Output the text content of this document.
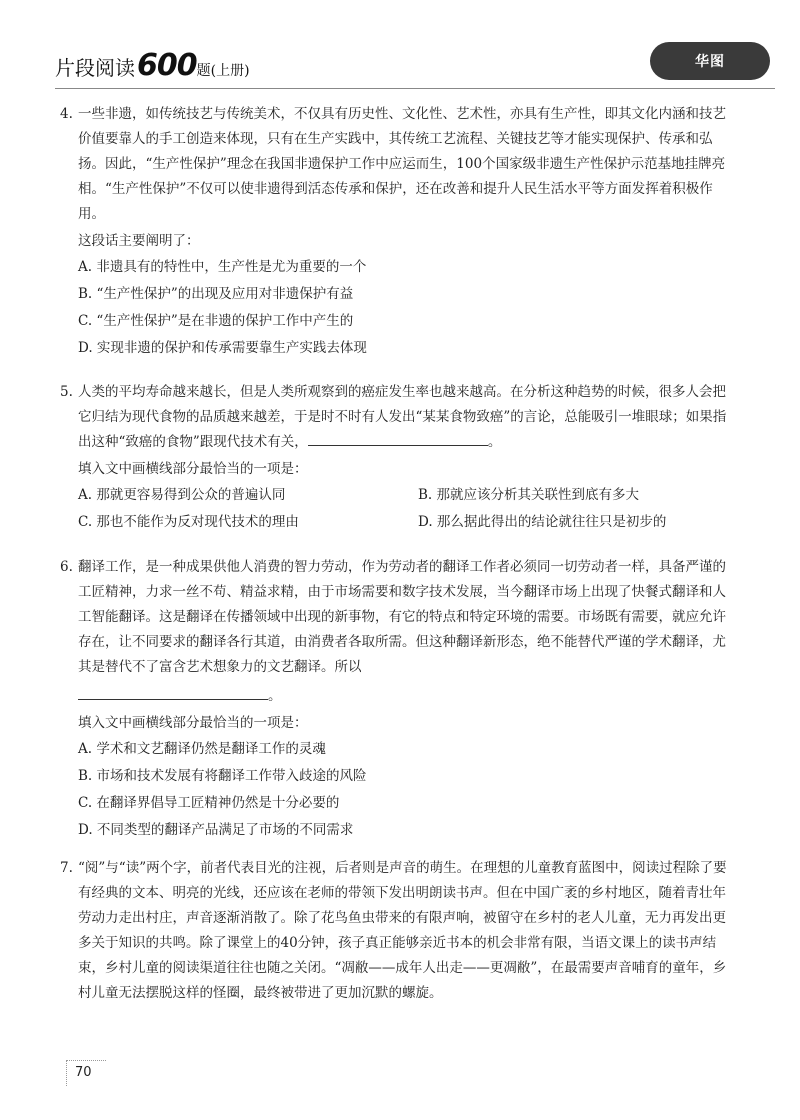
片段阅读600题(上册)
华图
4. 一些非遗，如传统技艺与传统美术，不仅具有历史性、文化性、艺术性，亦具有生产性，即其文化内涵和技艺价值要靠人的手工创造来体现，只有在生产实践中，其传统工艺流程、关键技艺等才能实现保护、传承和弘扬。因此，“生产性保护”理念在我国非遗保护工作中应运而生，100个国家级非遗生产性保护示范基地挂牌亮相。“生产性保护”不仅可以使非遗得到活态传承和保护，还在改善和提升人民生活水平等方面发挥着积极作用。

这段话主要阐明了：

A. 非遗具有的特性中，生产性是尤为重要的一个
B. “生产性保护”的出现及应用对非遗保护有益
C. “生产性保护”是在非遗的保护工作中产生的
D. 实现非遗的保护和传承需要靠生产实践去体现
5. 人类的平均寿命越来越长，但是人类所观察到的癌症发生率也越来越高。在分析这种趋势的时候，很多人会把它归结为现代食物的品质越来越差，于是时不时有人发出“某某食物致癌”的言论，总能吸引一堆眼球；如果指出这种“致癌的食物”跟现代技术有关，	。

填入文中画横线部分最恰当的一项是：

A. 那就更容易得到公众的普遍认同	B. 那就应该分析其关联性到底有多大
C. 那也不能作为反对现代技术的理由	D. 那么据此得出的结论就往往只是初步的
6. 翻译工作，是一种成果供他人消费的智力劳动，作为劳动者的翻译工作者必须同一切劳动者一样，具备严谨的工匠精神，力求一丝不苟、精益求精，由于市场需要和数字技术发展，当今翻译市场上出现了快餐式翻译和人工智能翻译。这是翻译在传播领域中出现的新事物，有它的特点和特定环境的需要。市场既有需要，就应允许存在，让不同要求的翻译各行其道，由消费者各取所需。但这种翻译新形态，绝不能替代严谨的学术翻译，尤其是替代不了富含艺术想象力的文艺翻译。所以

。

填入文中画横线部分最恰当的一项是：

A. 学术和文艺翻译仍然是翻译工作的灵魂
B. 市场和技术发展有将翻译工作带入歧途的风险
C. 在翻译界倡导工匠精神仍然是十分必要的
D. 不同类型的翻译产品满足了市场的不同需求
7. “阅”与“读”两个字，前者代表目光的注视，后者则是声音的萌生。在理想的儿童教育蓝图中，阅读过程除了要有经典的文本、明亮的光线，还应该在老师的带领下发出明朗读书声。但在中国广袤的乡村地区，随着青壮年劳动力走出村庄，声音逐渐消散了。除了花鸟鱼虫带来的有限声响，被留守在乡村的老人儿童，无力再发出更多关于知识的共鸣。除了课堂上的40分钟，孩子真正能够亲近书本的机会非常有限，当语文课上的读书声结束，乡村儿童的阅读渠道往往也随之关闭。“凋敝——成年人出走——更凋敝”，在最需要声音哺育的童年，乡村儿童无法摆脱这样的怪圈，最终被带进了更加沉默的螺旋。

70
